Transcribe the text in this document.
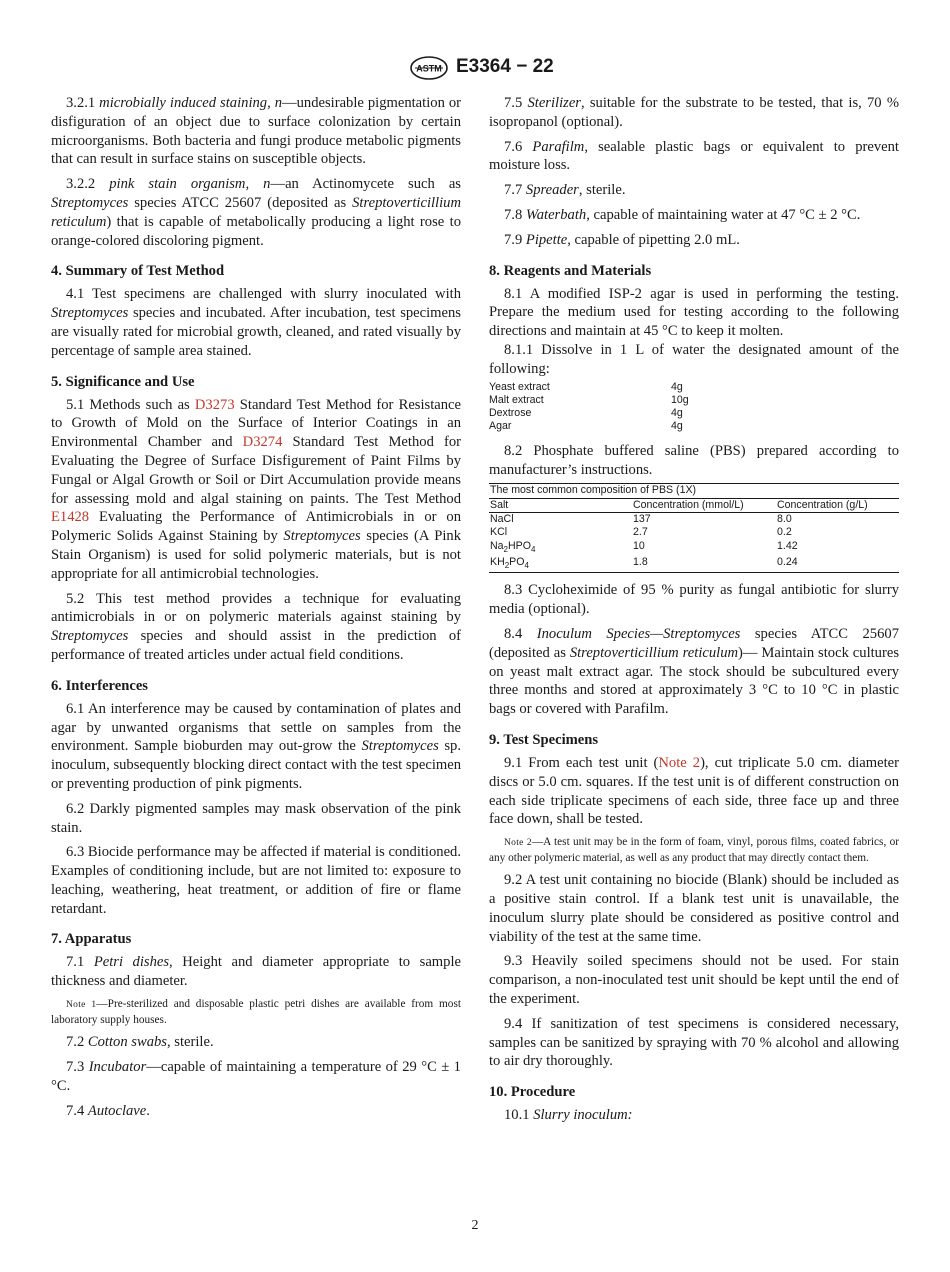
ASTM E3364 − 22

3.2.1 microbially induced staining, n—undesirable pigmentation or disfiguration of an object due to surface colonization by certain microorganisms. Both bacteria and fungi produce metabolic pigments that can result in surface stains on susceptible objects.

3.2.2 pink stain organism, n—an Actinomycete such as Streptomyces species ATCC 25607 (deposited as Streptoverticillium reticulum) that is capable of metabolically producing a light rose to orange-colored discoloring pigment.

4. Summary of Test Method

4.1 Test specimens are challenged with slurry inoculated with Streptomyces species and incubated. After incubation, test specimens are visually rated for microbial growth, cleaned, and rated visually by percentage of sample area stained.

5. Significance and Use

5.1 Methods such as D3273 Standard Test Method for Resistance to Growth of Mold on the Surface of Interior Coatings in an Environmental Chamber and D3274 Standard Test Method for Evaluating the Degree of Surface Disfigurement of Paint Films by Fungal or Algal Growth or Soil or Dirt Accumulation provide means for assessing mold and algal staining on paints. The Test Method E1428 Evaluating the Performance of Antimicrobials in or on Polymeric Solids Against Staining by Streptomyces species (A Pink Stain Organism) is used for solid polymeric materials, but is not appropriate for all antimicrobial technologies.

5.2 This test method provides a technique for evaluating antimicrobials in or on polymeric materials against staining by Streptomyces species and should assist in the prediction of performance of treated articles under actual field conditions.

6. Interferences

6.1 An interference may be caused by contamination of plates and agar by unwanted organisms that settle on samples from the environment. Sample bioburden may out-grow the Streptomyces sp. inoculum, subsequently blocking direct contact with the test specimen or preventing production of pink pigments.

6.2 Darkly pigmented samples may mask observation of the pink stain.

6.3 Biocide performance may be affected if material is conditioned. Examples of conditioning include, but are not limited to: exposure to leaching, weathering, heat treatment, or addition of fire or flame retardant.

7. Apparatus

7.1 Petri dishes, Height and diameter appropriate to sample thickness and diameter.

Note 1—Pre-sterilized and disposable plastic petri dishes are available from most laboratory supply houses.

7.2 Cotton swabs, sterile.

7.3 Incubator—capable of maintaining a temperature of 29 °C ± 1 °C.

7.4 Autoclave.

7.5 Sterilizer, suitable for the substrate to be tested, that is, 70 % isopropanol (optional).

7.6 Parafilm, sealable plastic bags or equivalent to prevent moisture loss.

7.7 Spreader, sterile.

7.8 Waterbath, capable of maintaining water at 47 °C ± 2 °C.

7.9 Pipette, capable of pipetting 2.0 mL.

8. Reagents and Materials

8.1 A modified ISP-2 agar is used in performing the testing. Prepare the medium used for testing according to the following directions and maintain at 45 °C to keep it molten.

8.1.1 Dissolve in 1 L of water the designated amount of the following:

Yeast extract	4g
Malt extract	10g
Dextrose	4g
Agar	4g

8.2 Phosphate buffered saline (PBS) prepared according to manufacturer’s instructions.

The most common composition of PBS (1X)		
Salt	Concentration (mmol/L)	Concentration (g/L)
NaCl	137	8.0
KCl	2.7	0.2
$Na_2HPO_4$	10	1.42
$KH_2PO_4$	1.8	0.24

8.3 Cycloheximide of 95 % purity as fungal antibiotic for slurry media (optional).

8.4 Inoculum Species—Streptomyces species ATCC 25607 (deposited as Streptoverticillium reticulum)— Maintain stock cultures on yeast malt extract agar. The stock should be subcultured every three months and stored at approximately 3 °C to 10 °C in plastic bags or covered with Parafilm.

9. Test Specimens

9.1 From each test unit (Note 2), cut triplicate 5.0 cm. diameter discs or 5.0 cm. squares. If the test unit is of different construction on each side triplicate specimens of each side, three face up and three face down, shall be tested.

Note 2—A test unit may be in the form of foam, vinyl, porous films, coated fabrics, or any other polymeric material, as well as any product that may directly contact them.

9.2 A test unit containing no biocide (Blank) should be included as a positive stain control. If a blank test unit is unavailable, the inoculum slurry plate should be considered as positive control and viability of the test at the same time.

9.3 Heavily soiled specimens should not be used. For stain comparison, a non-inoculated test unit should be kept until the end of the experiment.

9.4 If sanitization of test specimens is considered necessary, samples can be sanitized by spraying with 70 % alcohol and allowing to air dry thoroughly.

10. Procedure

10.1 Slurry inoculum:

2
